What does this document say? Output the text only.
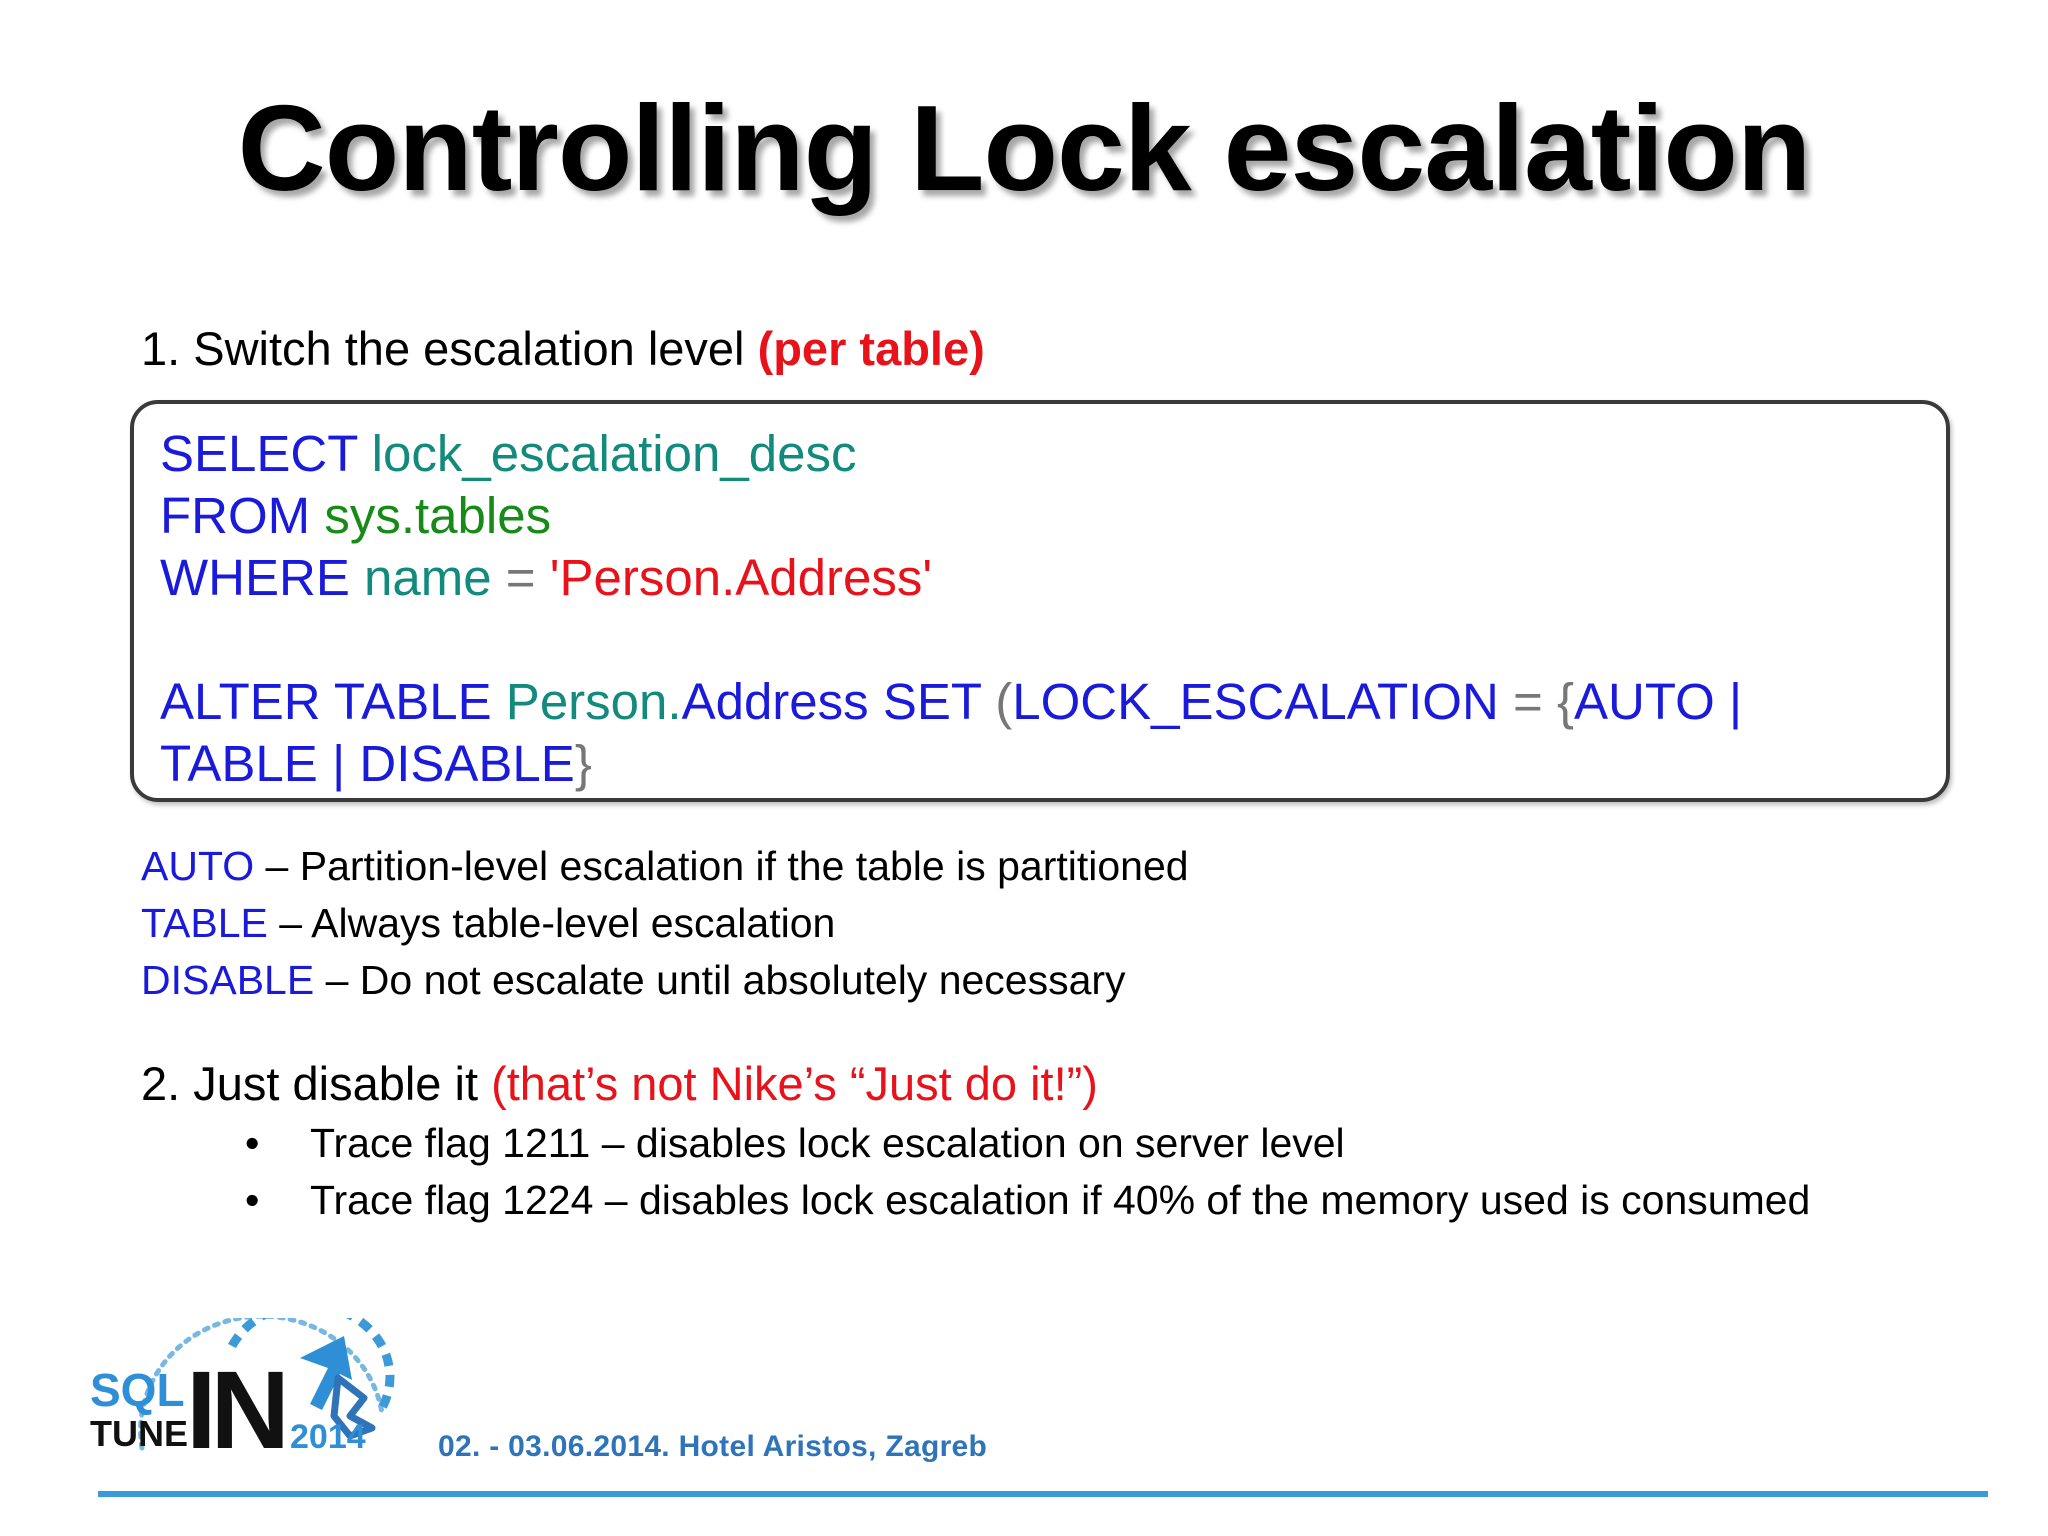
Controlling Lock escalation
1. Switch the escalation level (per table)
SELECT lock_escalation_desc
FROM sys.tables
WHERE name = 'Person.Address'
ALTER TABLE Person.Address SET (LOCK_ESCALATION = {AUTO |
TABLE | DISABLE}
AUTO – Partition-level escalation if the table is partitioned
TABLE – Always table-level escalation
DISABLE – Do not escalate until absolutely necessary
2. Just disable it (that’s not Nike’s “Just do it!”)
•	Trace flag 1211 – disables lock escalation on server level
•	Trace flag 1224 – disables lock escalation if 40% of the memory used is consumed
SQL
TUNE
IN 2014 02. - 03.06.2014. Hotel Aristos, Zagreb
